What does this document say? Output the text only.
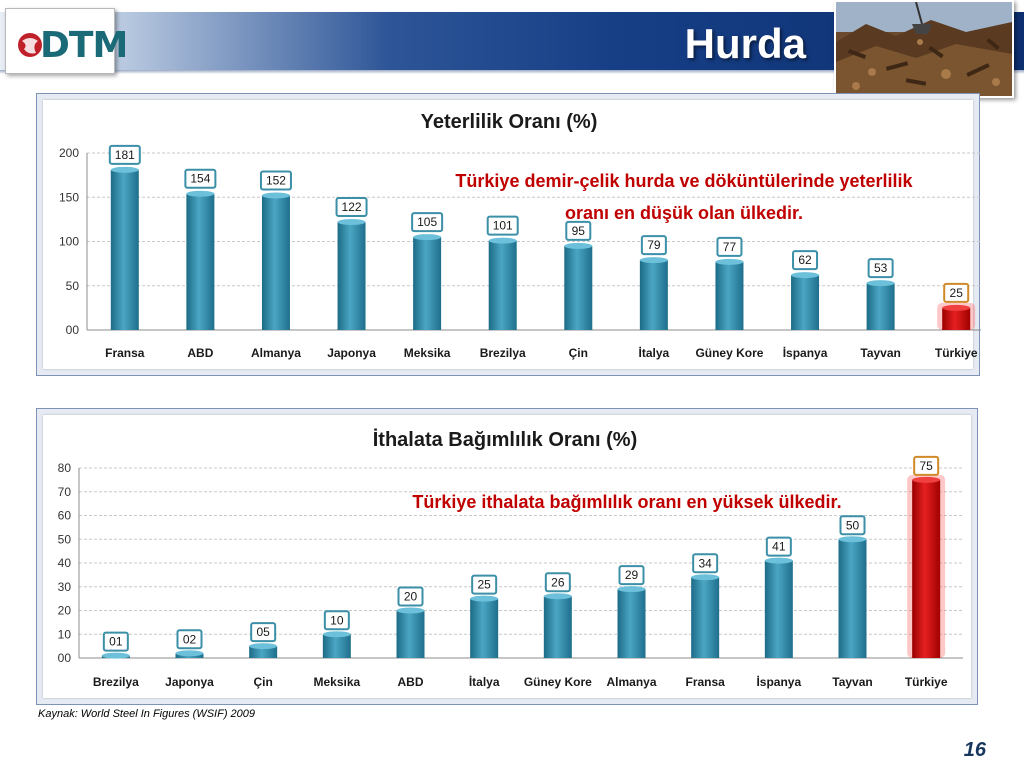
DTM	Hurda
Yeterlilik Oranı (%)
00
50
100
150
200	181
Fransa
154
ABD
152
Almanya
122
Japonya
105
Meksika
101
Brezilya
95
Çin
79
İtalya
77
Güney Kore
62
İspanya
53
Tayvan
25
Türkiye
Türkiye demir-çelik hurda ve döküntülerinde yeterlilik
oranı en düşük olan ülkedir.
İthalata Bağımlılık Oranı (%)
00
10
20
30
40
50
60
70
80
01
Brezilya
02
Japonya
05
Çin
10
Meksika
20
ABD
25
İtalya
26
Güney Kore
29
Almanya
34
Fransa
41
İspanya
50
Tayvan
75
Türkiye
Türkiye ithalata bağımlılık oranı en yüksek ülkedir.
Kaynak: World Steel In Figures (WSIF) 2009
16
